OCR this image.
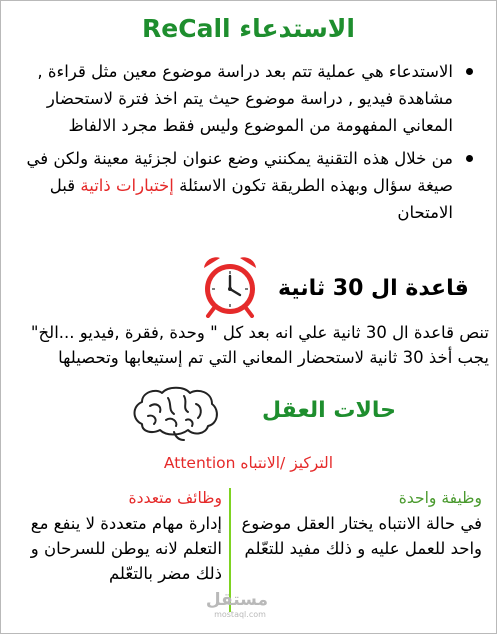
الاستدعاء ReCall
الاستدعاء هي عملية تتم بعد دراسة موضوع معين مثل قراءة , مشاهدة فيديو , دراسة موضوع حيث يتم اخذ فترة لاستحضار المعاني المفهومة من الموضوع وليس فقط مجرد الالفاظ
من خلال هذه التقنية يمكنني وضع عنوان لجزئية معينة ولكن في صيغة سؤال وبهذه الطريقة تكون الاسئلة إختبارات ذاتية قبل الامتحان
قاعدة ال 30 ثانية
تنص قاعدة ال 30 ثانية علي انه بعد كل " وحدة ,فقرة ,فيديو ...الخ" يجب أخذ 30 ثانية لاستحضار المعاني التي تم إستيعابها وتحصيلها
حالات العقل
التركيز /الانتباه Attention
وظيفة واحدة
في حالة الانتباه يختار العقل موضوع واحد للعمل عليه و ذلك مفيد للتعّلم
وظائف متعددة
إدارة مهام متعددة لا ينفع مع التعلم لانه يوطن للسرحان و ذلك مضر بالتعّلم
مستقل
mostaql.com
